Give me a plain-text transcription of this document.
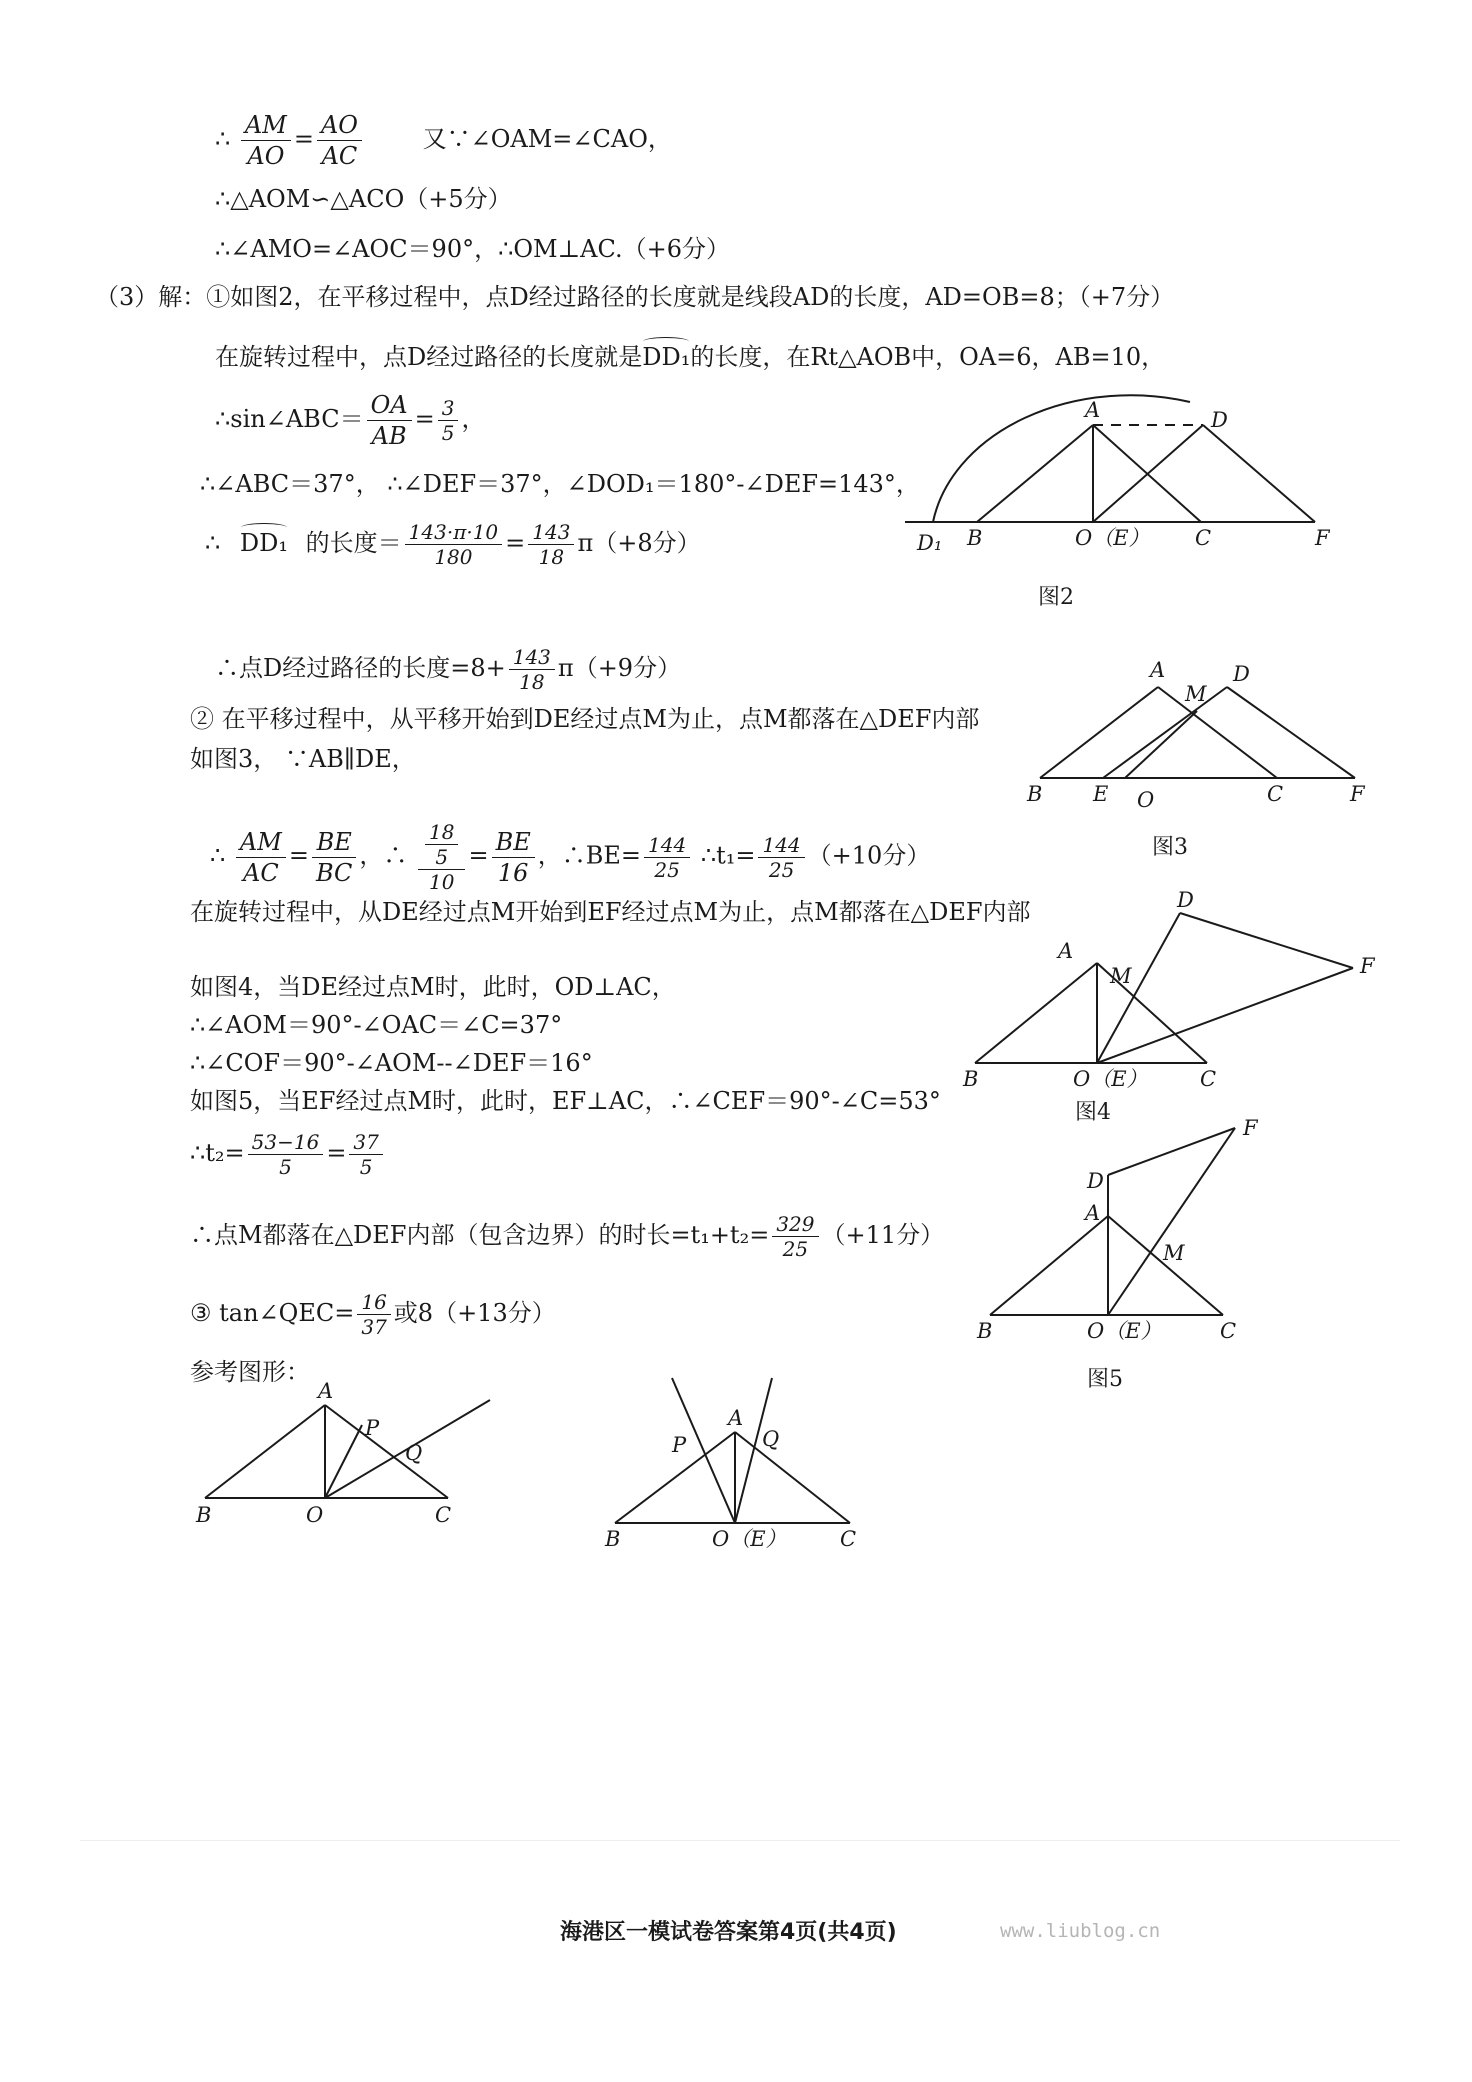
∴ $\frac{AM}{AO} = \frac{AO}{AC}$	又∵∠OAM=∠CAO，
∴△AOM∽△ACO（+5分）
∴∠AMO=∠AOC＝90°，∴OM⊥AC.（+6分）
（3）解：①如图2，在平移过程中，点D经过路径的长度就是线段AD的长度，AD=OB=8；（+7分）
在旋转过程中，点D经过路径的长度就是DD₁的长度，在Rt△AOB中，OA=6，AB=10，
∴sin∠ABC＝ $\frac{OA}{AB} = \frac{3}{5}$ ，
∴∠ABC＝37°， ∴∠DEF＝37°，∠DOD₁＝180°-∠DEF=143°，
∴ DD₁ 的长度＝ $\frac{143\cdot\pi\cdot 10}{180} = \frac{143}{18} \pi(+8$分）
∴点D经过路径的长度$=8+ \frac{143}{18} \pi(+9$分）
② 在平移过程中，从平移开始到DE经过点M为止，点M都落在△DEF内部
如图3， ∵AB∥DE，
∴ $\frac{AM}{AC} = \frac{BE}{BC}$ ，∴ $\frac{\frac{18}{5}}{10} = \frac{BE}{16}$ ，∴BE= $\frac{144}{25}$ ∴t₁= $\frac{144}{25} (+10$分）
在旋转过程中，从DE经过点M开始到EF经过点M为止，点M都落在△DEF内部
如图4，当DE经过点M时，此时，OD⊥AC，
∴∠AOM＝90°-∠OAC＝∠C=37°
∴∠COF＝90°-∠AOM--∠DEF＝16°
如图5，当EF经过点M时，此时，EF⊥AC，∴∠CEF＝90°-∠C=53°
∴t₂= $\frac{53-16}{5} = \frac{37}{5}$
∴点M都落在△DEF内部（包含边界）的时长$=t_1+t_2= \frac{329}{25} (+11$分）
③ tan∠QEC= $\frac{16}{37}$ 或8（+13分）
参考图形：
A	D
D₁ B	O（E） C	F
图2
A
M
D
B E O	C	F
图3
A
M
D
F
B	O（E） C
图4
D
A
F
M
B	O（E）	C
图5
A
P
Q
B	O	C
A
P	Q
B	O（E）	C
海港区一模试卷答案第4页(共4页)	www.liublog.cn
